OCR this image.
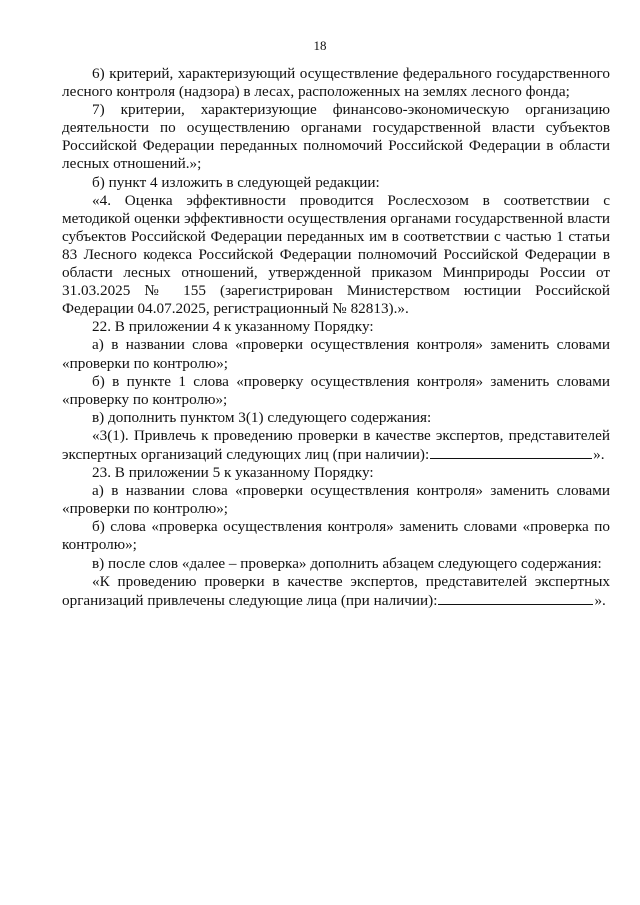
18

6) критерий, характеризующий осуществление федерального государственного лесного контроля (надзора) в лесах, расположенных на землях лесного фонда;

7) критерии, характеризующие финансово-экономическую организацию деятельности по осуществлению органами государственной власти субъектов Российской Федерации переданных полномочий Российской Федерации в области лесных отношений.»;

б) пункт 4 изложить в следующей редакции:

«4. Оценка эффективности проводится Рослесхозом в соответствии с методикой оценки эффективности осуществления органами государственной власти субъектов Российской Федерации переданных им в соответствии с частью 1 статьи 83 Лесного кодекса Российской Федерации полномочий Российской Федерации в области лесных отношений, утвержденной приказом Минприроды России от 31.03.2025 № 155 (зарегистрирован Министерством юстиции Российской Федерации 04.07.2025, регистрационный № 82813).».

22. В приложении 4 к указанному Порядку:

а) в названии слова «проверки осуществления контроля» заменить словами «проверки по контролю»;

б) в пункте 1 слова «проверку осуществления контроля» заменить словами «проверку по контролю»;

в) дополнить пунктом 3(1) следующего содержания:

«3(1). Привлечь к проведению проверки в качестве экспертов, представителей экспертных организаций следующих лиц (при наличии):	».

23. В приложении 5 к указанному Порядку:

а) в названии слова «проверки осуществления контроля» заменить словами «проверки по контролю»;

б) слова «проверка осуществления контроля» заменить словами «проверка по контролю»;

в) после слов «далее – проверка» дополнить абзацем следующего содержания:

«К проведению проверки в качестве экспертов, представителей экспертных организаций привлечены следующие лица (при наличии):	».
